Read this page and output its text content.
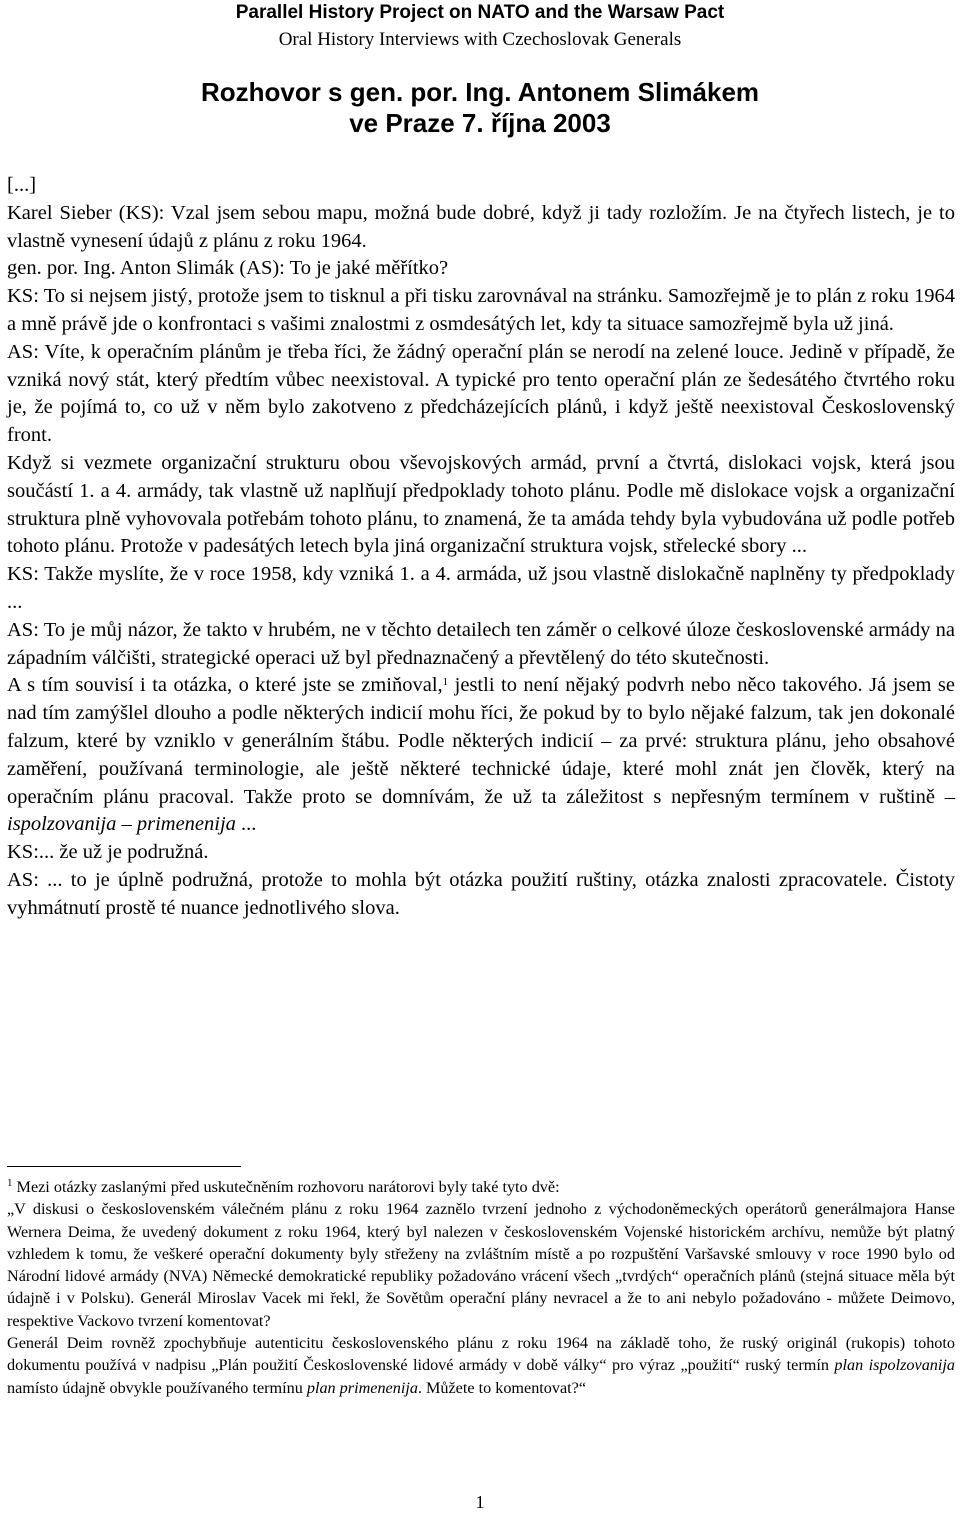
Parallel History Project on NATO and the Warsaw Pact
Oral History Interviews with Czechoslovak Generals
Rozhovor s gen. por. Ing. Antonem Slimákem
ve Praze 7. října 2003

[...]

Karel Sieber (KS): Vzal jsem sebou mapu, možná bude dobré, když ji tady rozložím. Je na čtyřech listech, je to vlastně vynesení údajů z plánu z roku 1964.

gen. por. Ing. Anton Slimák (AS): To je jaké měřítko?

KS: To si nejsem jistý, protože jsem to tisknul a při tisku zarovnával na stránku. Samozřejmě je to plán z roku 1964 a mně právě jde o konfrontaci s vašimi znalostmi z osmdesátých let, kdy ta situace samozřejmě byla už jiná.

AS: Víte, k operačním plánům je třeba říci, že žádný operační plán se nerodí na zelené louce. Jedině v případě, že vzniká nový stát, který předtím vůbec neexistoval. A typické pro tento operační plán ze šedesátého čtvrtého roku je, že pojímá to, co už v něm bylo zakotveno z předcházejících plánů, i když ještě neexistoval Československý front.

Když si vezmete organizační strukturu obou vševojskových armád, první a čtvrtá, dislokaci vojsk, která jsou součástí 1. a 4. armády, tak vlastně už naplňují předpoklady tohoto plánu. Podle mě dislokace vojsk a organizační struktura plně vyhovovala potřebám tohoto plánu, to znamená, že ta amáda tehdy byla vybudována už podle potřeb tohoto plánu. Protože v padesátých letech byla jiná organizační struktura vojsk, střelecké sbory ...

KS: Takže myslíte, že v roce 1958, kdy vzniká 1. a 4. armáda, už jsou vlastně dislokačně naplněny ty předpoklady ...

AS: To je můj názor, že takto v hrubém, ne v těchto detailech ten záměr o celkové úloze československé armády na západním válčišti, strategické operaci už byl přednaznačený a převtělený do této skutečnosti.

A s tím souvisí i ta otázka, o které jste se zmiňoval,$^1$ jestli to není nějaký podvrh nebo něco takového. Já jsem se nad tím zamýšlel dlouho a podle některých indicií mohu říci, že pokud by to bylo nějaké falzum, tak jen dokonalé falzum, které by vzniklo v generálním štábu. Podle některých indicií – za prvé: struktura plánu, jeho obsahové zaměření, používaná terminologie, ale ještě některé technické údaje, které mohl znát jen člověk, který na operačním plánu pracoval. Takže proto se domnívám, že už ta záležitost s nepřesným termínem v ruštině – ispolzovanija – primenenija ...

KS:... že už je podružná.

AS: ... to je úplně podružná, protože to mohla být otázka použití ruštiny, otázka znalosti zpracovatele. Čistoty vyhmátnutí prostě té nuance jednotlivého slova.

$^1$ Mezi otázky zaslanými před uskutečněním rozhovoru narátorovi byly také tyto dvě:

„V diskusi o československém válečném plánu z roku 1964 zaznělo tvrzení jednoho z východoněmeckých operátorů generálmajora Hanse Wernera Deima, že uvedený dokument z roku 1964, který byl nalezen v československém Vojenské historickém archívu, nemůže být platný vzhledem k tomu, že veškeré operační dokumenty byly střeženy na zvláštním místě a po rozpuštění Varšavské smlouvy v roce 1990 bylo od Národní lidové armády (NVA) Německé demokratické republiky požadováno vrácení všech „tvrdých“ operačních plánů (stejná situace měla být údajně i v Polsku). Generál Miroslav Vacek mi řekl, že Sovětům operační plány nevracel a že to ani nebylo požadováno - můžete Deimovo, respektive Vackovo tvrzení komentovat?

Generál Deim rovněž zpochybňuje autenticitu československého plánu z roku 1964 na základě toho, že ruský originál (rukopis) tohoto dokumentu používá v nadpisu „Plán použití Československé lidové armády v době války“ pro výraz „použití“ ruský termín plan ispolzovanija namísto údajně obvykle používaného termínu plan primenenija. Můžete to komentovat?“

1
